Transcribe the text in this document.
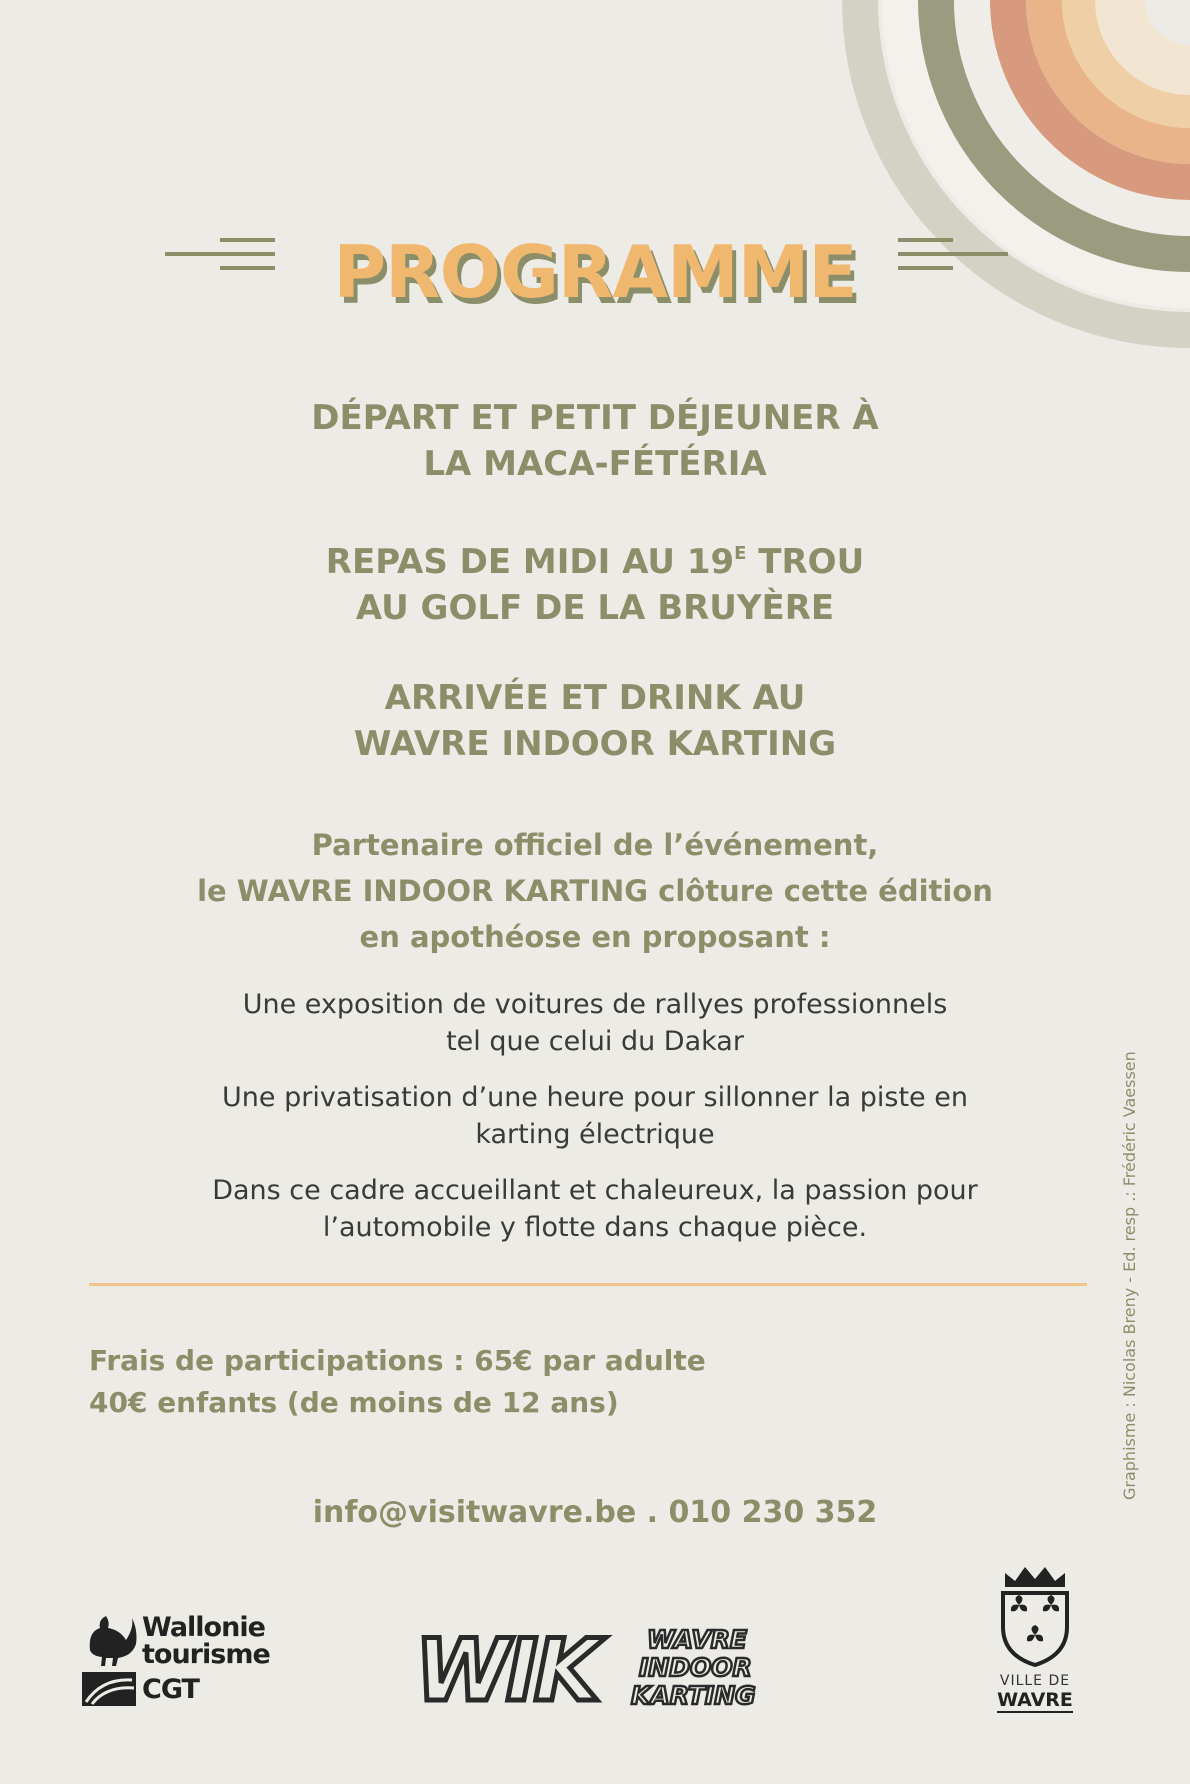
PROGRAMME
DÉPART ET PETIT DÉJEUNER À
LA MACA-FÉTÉRIA
REPAS DE MIDI AU $19^E$ TROU
AU GOLF DE LA BRUYÈRE
ARRIVÉE ET DRINK AU
WAVRE INDOOR KARTING
Partenaire officiel de l’événement,
le WAVRE INDOOR KARTING clôture cette édition
en apothéose en proposant :
Une exposition de voitures de rallyes professionnels
tel que celui du Dakar
Une privatisation d’une heure pour sillonner la piste en
karting électrique
Dans ce cadre accueillant et chaleureux, la passion pour
l’automobile y flotte dans chaque pièce.
Frais de participations : 65€ par adulte
40€ enfants (de moins de 12 ans)
info@visitwavre.be . 010 230 352
Graphisme : Nicolas Breny - Ed. resp .: Frédéric Vaessen
Wallonie
tourisme
CGT	WIK	WAVRE
INDOOR
KARTING	VILLE DE
WAVRE
